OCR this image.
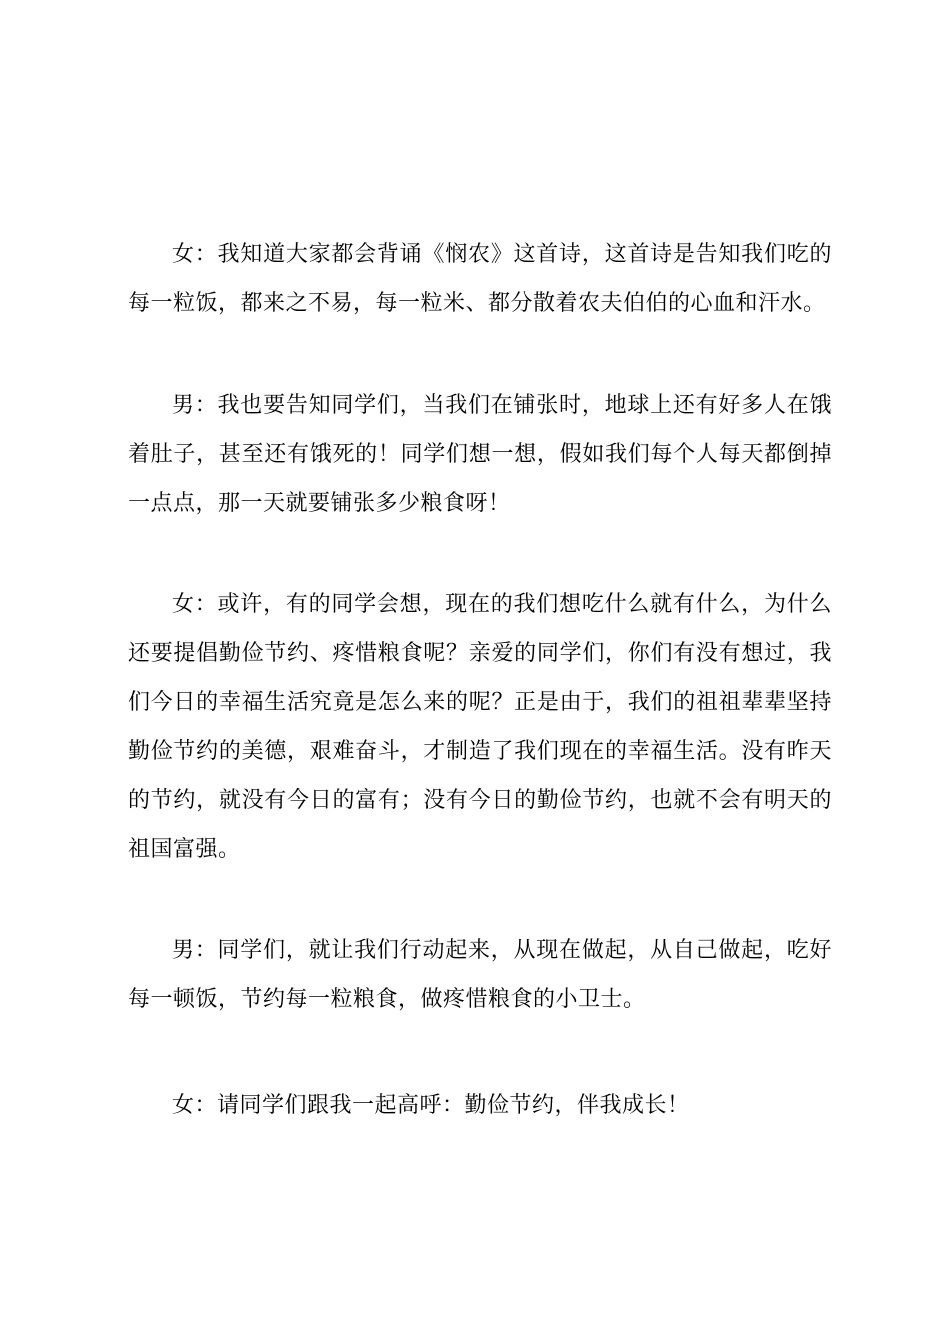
女：我知道大家都会背诵《悯农》这首诗，这首诗是告知我们吃的每一粒饭，都来之不易，每一粒米、都分散着农夫伯伯的心血和汗水。

男：我也要告知同学们，当我们在铺张时，地球上还有好多人在饿着肚子，甚至还有饿死的！同学们想一想，假如我们每个人每天都倒掉一点点，那一天就要铺张多少粮食呀！

女：或许，有的同学会想，现在的我们想吃什么就有什么，为什么还要提倡勤俭节约、疼惜粮食呢？亲爱的同学们，你们有没有想过，我们今日的幸福生活究竟是怎么来的呢？正是由于，我们的祖祖辈辈坚持勤俭节约的美德，艰难奋斗，才制造了我们现在的幸福生活。没有昨天的节约，就没有今日的富有；没有今日的勤俭节约，也就不会有明天的祖国富强。

男：同学们，就让我们行动起来，从现在做起，从自己做起，吃好每一顿饭，节约每一粒粮食，做疼惜粮食的小卫士。

女：请同学们跟我一起高呼：勤俭节约，伴我成长！
